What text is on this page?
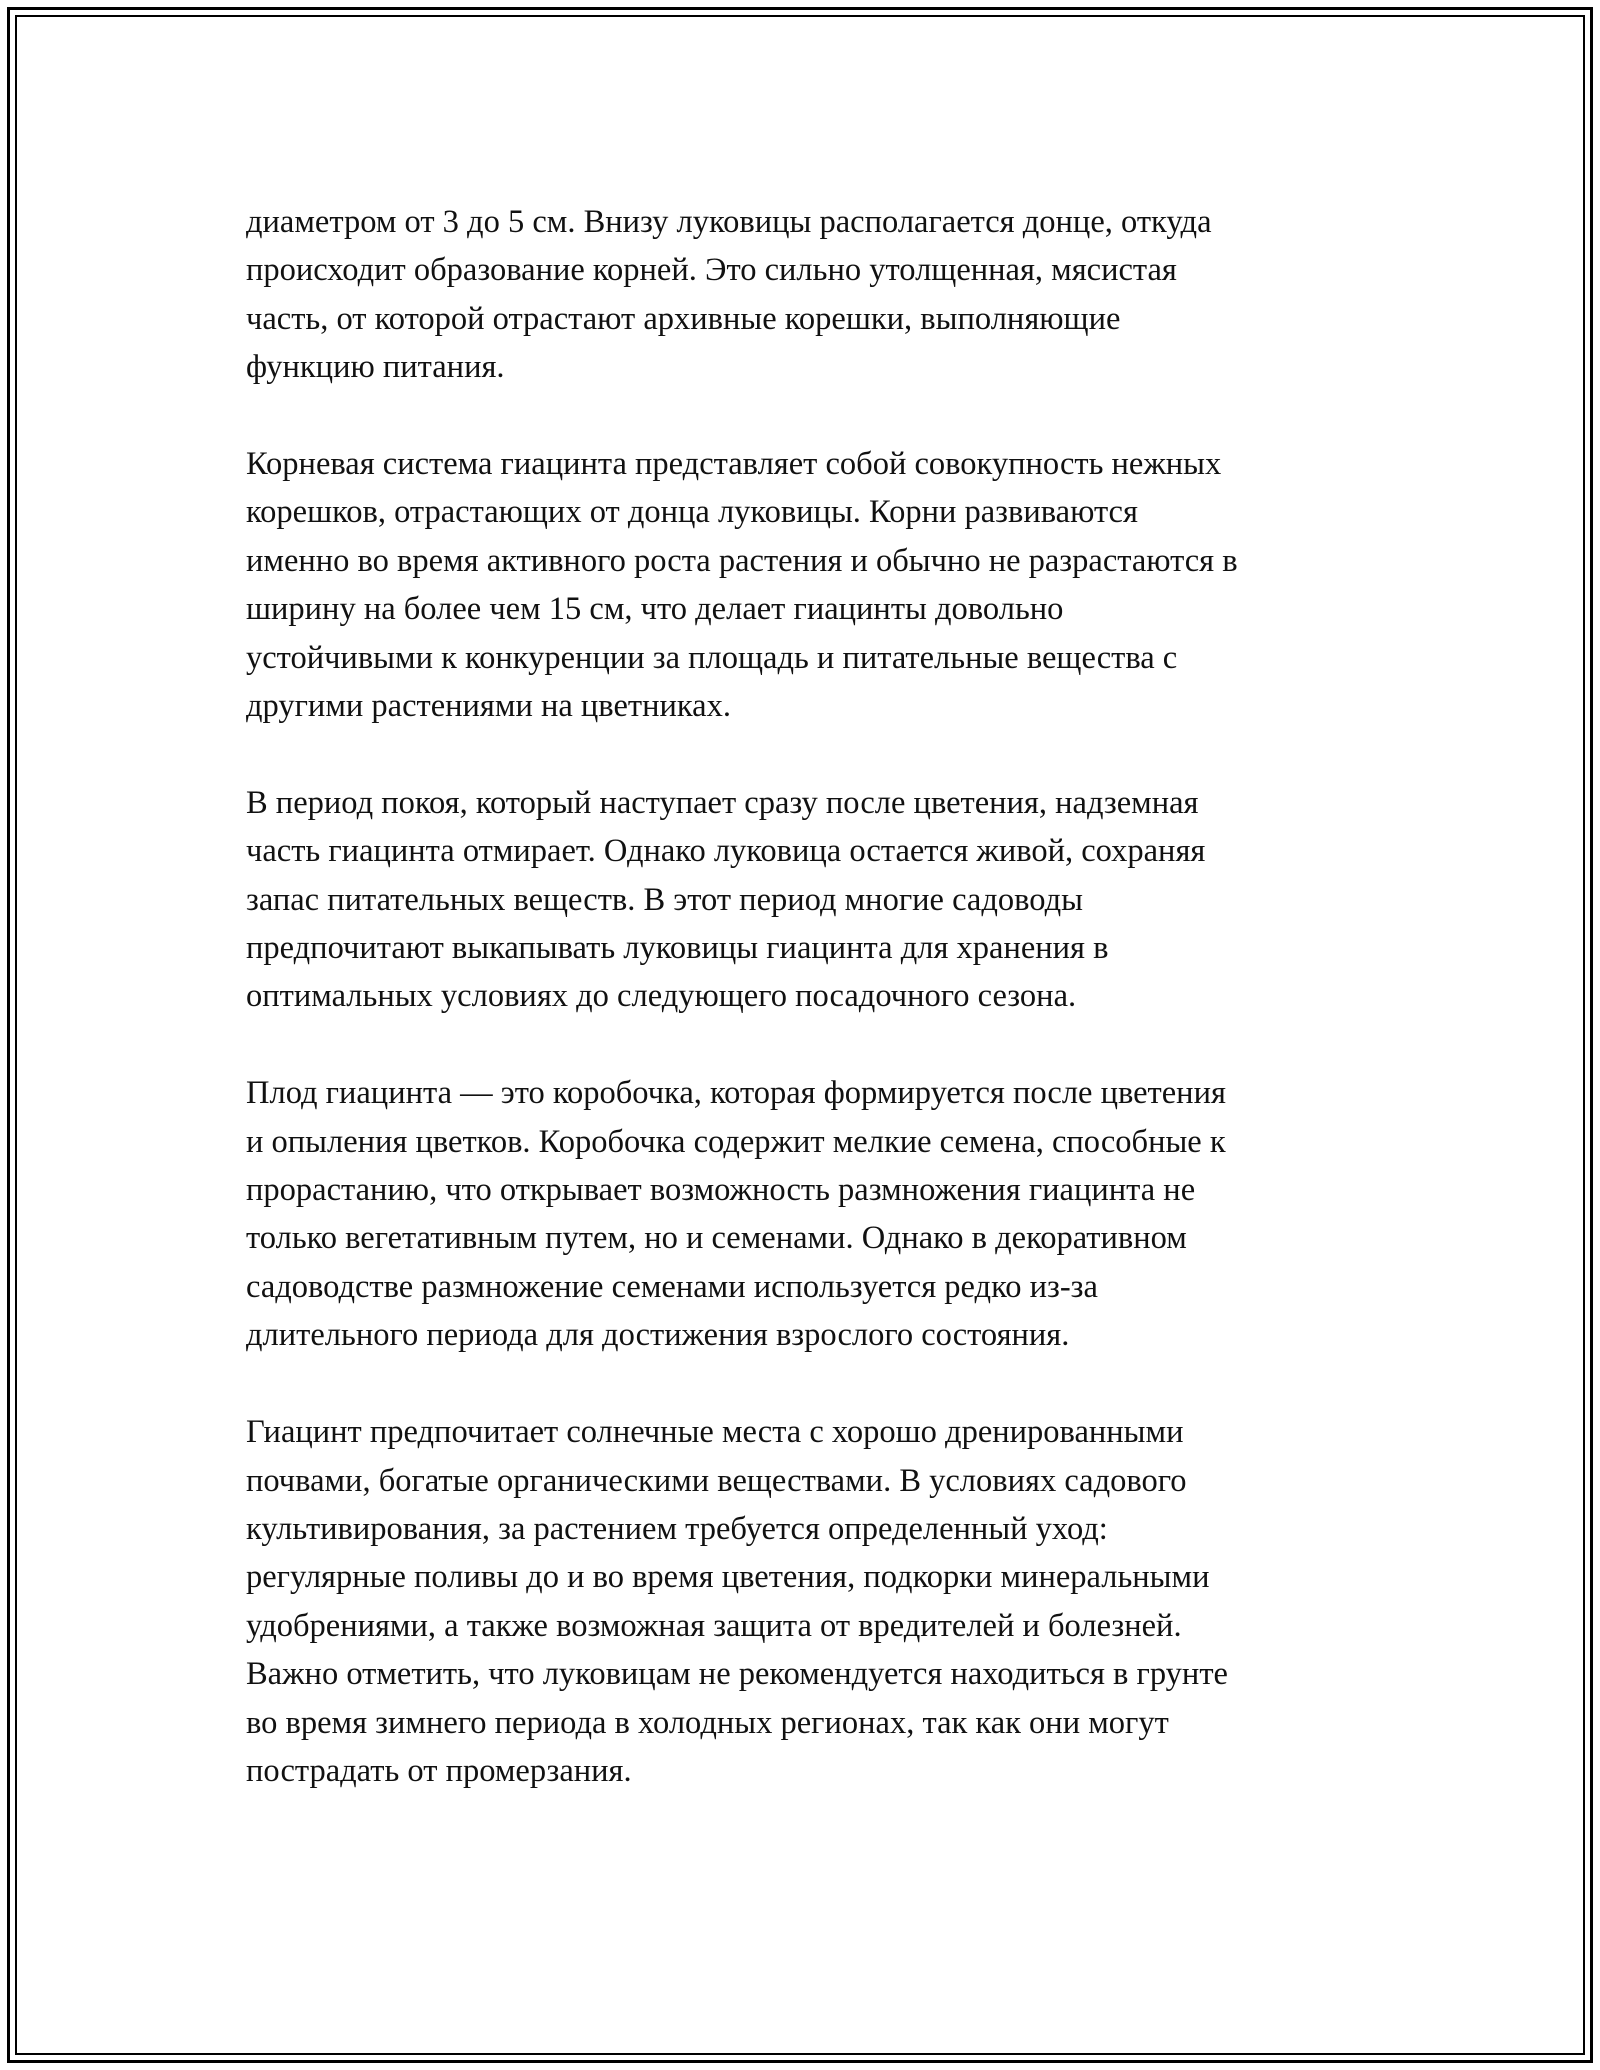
диаметром от 3 до 5 см. Внизу луковицы располагается донце, откуда
происходит образование корней. Это сильно утолщенная, мясистая
часть, от которой отрастают архивные корешки, выполняющие
функцию питания.

Корневая система гиацинта представляет собой совокупность нежных
корешков, отрастающих от донца луковицы. Корни развиваются
именно во время активного роста растения и обычно не разрастаются в
ширину на более чем 15 см, что делает гиацинты довольно
устойчивыми к конкуренции за площадь и питательные вещества с
другими растениями на цветниках.

В период покоя, который наступает сразу после цветения, надземная
часть гиацинта отмирает. Однако луковица остается живой, сохраняя
запас питательных веществ. В этот период многие садоводы
предпочитают выкапывать луковицы гиацинта для хранения в
оптимальных условиях до следующего посадочного сезона.

Плод гиацинта — это коробочка, которая формируется после цветения
и опыления цветков. Коробочка содержит мелкие семена, способные к
прорастанию, что открывает возможность размножения гиацинта не
только вегетативным путем, но и семенами. Однако в декоративном
садоводстве размножение семенами используется редко из-за
длительного периода для достижения взрослого состояния.

Гиацинт предпочитает солнечные места с хорошо дренированными
почвами, богатые органическими веществами. В условиях садового
культивирования, за растением требуется определенный уход:
регулярные поливы до и во время цветения, подкорки минеральными
удобрениями, а также возможная защита от вредителей и болезней.
Важно отметить, что луковицам не рекомендуется находиться в грунте
во время зимнего периода в холодных регионах, так как они могут
пострадать от промерзания.
